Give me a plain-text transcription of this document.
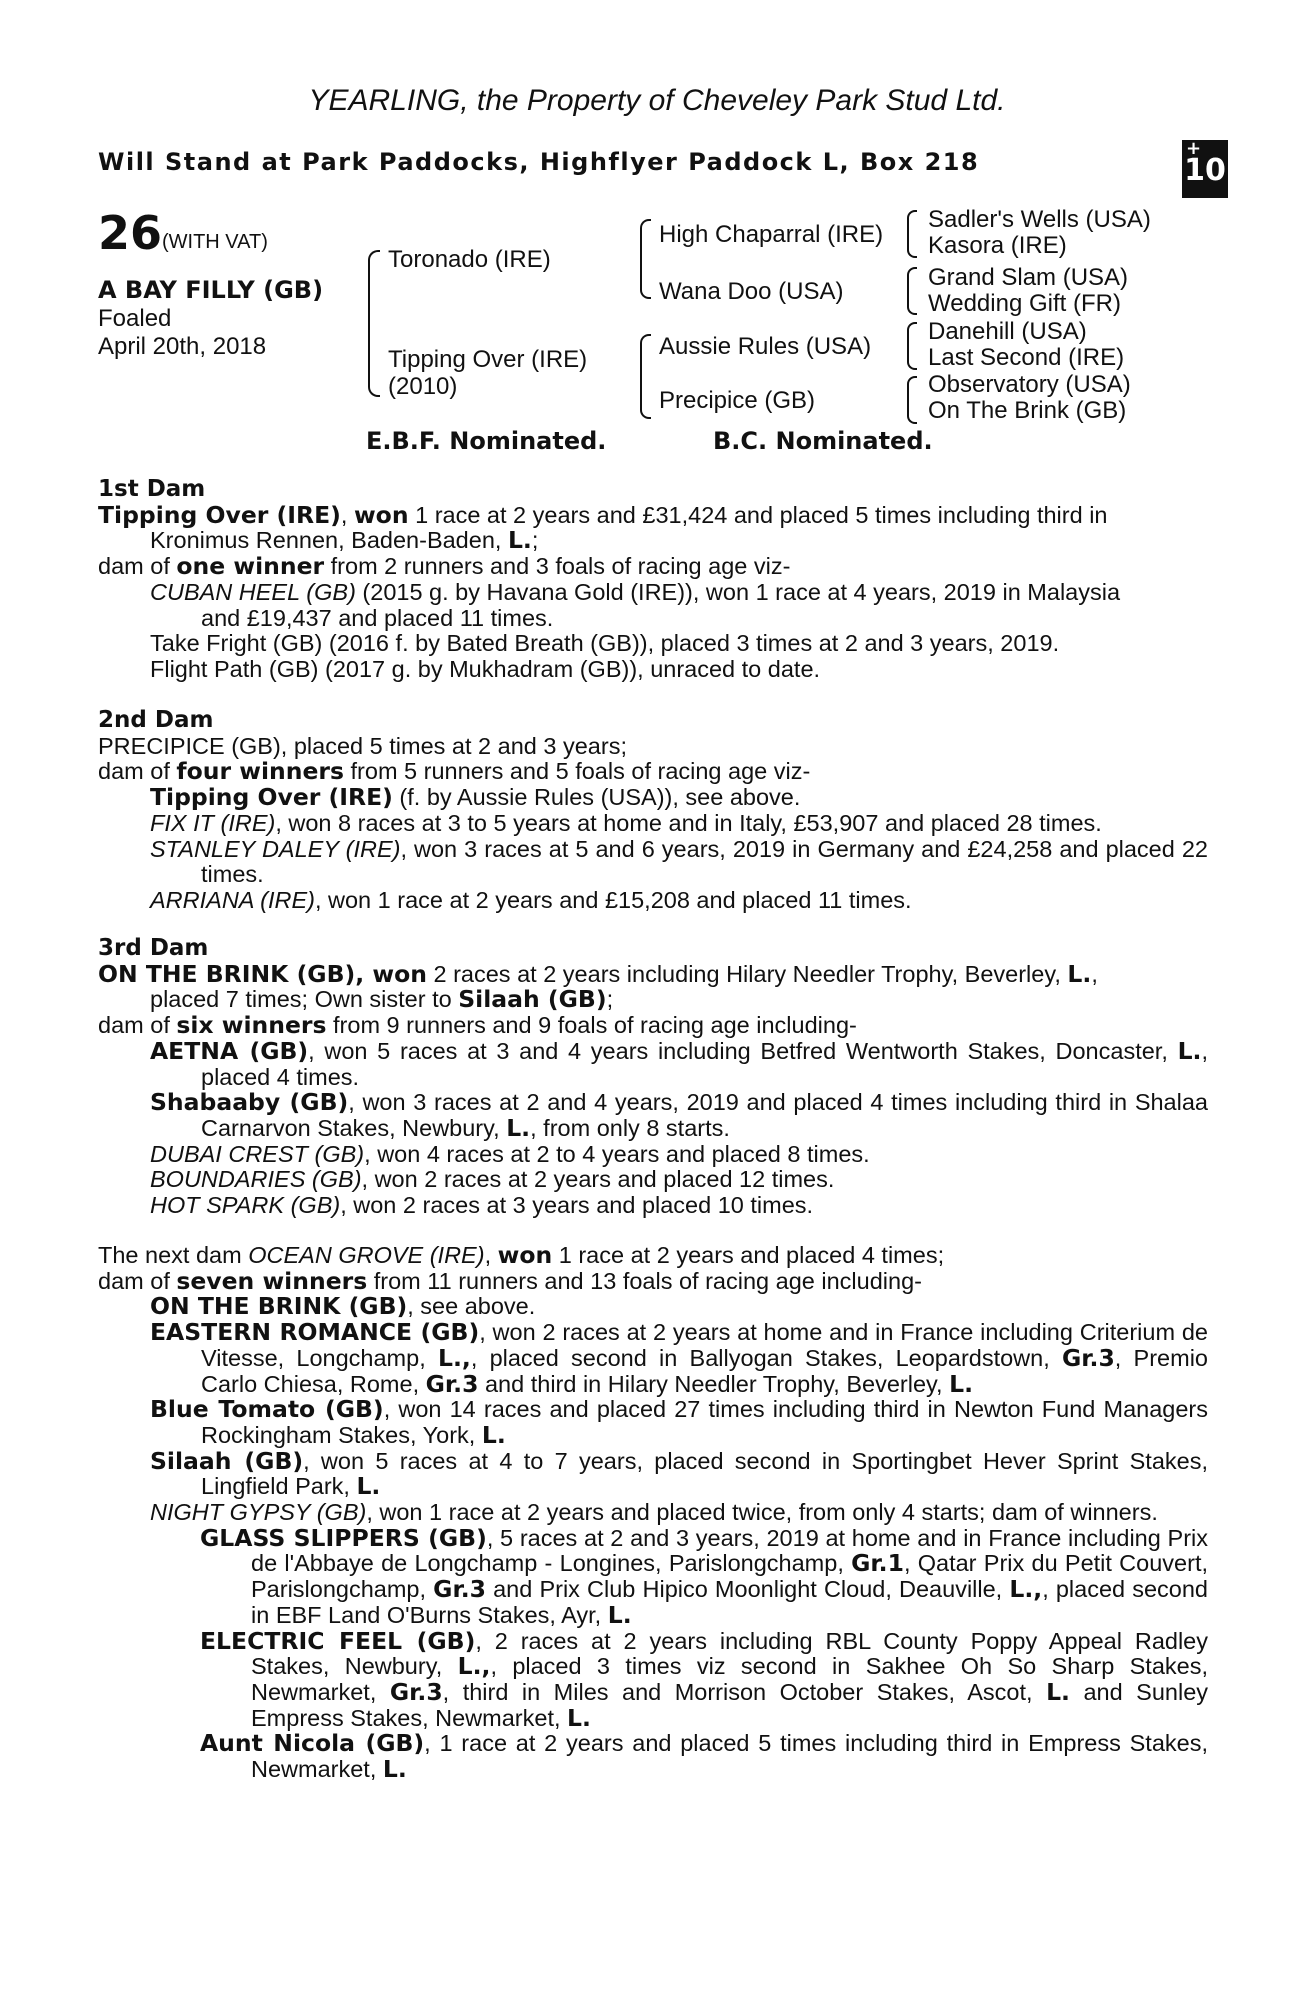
YEARLING, the Property of Cheveley Park Stud Ltd.
Will Stand at Park Paddocks, Highflyer Paddock L, Box 218	+
10
26 (WITH VAT)
A BAY FILLY (GB)
Foaled
April 20th, 2018
Toronado (IRE)
Tipping Over (IRE)
(2010)
High Chaparral (IRE)
Wana Doo (USA)
Aussie Rules (USA)
Precipice (GB)
Sadler's Wells (USA)
Kasora (IRE)
Grand Slam (USA)
Wedding Gift (FR)
Danehill (USA)
Last Second (IRE)
Observatory (USA)
On The Brink (GB)
E.B.F. Nominated.	B.C. Nominated.

1st Dam

Tipping Over (IRE), won 1 race at 2 years and £31,424 and placed 5 times including third in

Kronimus Rennen, Baden-Baden, L.;

dam of one winner from 2 runners and 3 foals of racing age viz-

CUBAN HEEL (GB) (2015 g. by Havana Gold (IRE)), won 1 race at 4 years, 2019 in Malaysia

and £19,437 and placed 11 times.

Take Fright (GB) (2016 f. by Bated Breath (GB)), placed 3 times at 2 and 3 years, 2019.

Flight Path (GB) (2017 g. by Mukhadram (GB)), unraced to date.

2nd Dam

PRECIPICE (GB), placed 5 times at 2 and 3 years;

dam of four winners from 5 runners and 5 foals of racing age viz-

Tipping Over (IRE) (f. by Aussie Rules (USA)), see above.

FIX IT (IRE), won 8 races at 3 to 5 years at home and in Italy, £53,907 and placed 28 times.

STANLEY DALEY (IRE), won 3 races at 5 and 6 years, 2019 in Germany and £24,258 and placed 22 times.

ARRIANA (IRE), won 1 race at 2 years and £15,208 and placed 11 times.

3rd Dam

ON THE BRINK (GB), won 2 races at 2 years including Hilary Needler Trophy, Beverley, L.,

placed 7 times; Own sister to Silaah (GB);

dam of six winners from 9 runners and 9 foals of racing age including-

AETNA (GB), won 5 races at 3 and 4 years including Betfred Wentworth Stakes, Doncaster, L., placed 4 times.

Shabaaby (GB), won 3 races at 2 and 4 years, 2019 and placed 4 times including third in Shalaa Carnarvon Stakes, Newbury, L., from only 8 starts.

DUBAI CREST (GB), won 4 races at 2 to 4 years and placed 8 times.

BOUNDARIES (GB), won 2 races at 2 years and placed 12 times.

HOT SPARK (GB), won 2 races at 3 years and placed 10 times.

The next dam OCEAN GROVE (IRE), won 1 race at 2 years and placed 4 times;

dam of seven winners from 11 runners and 13 foals of racing age including-

ON THE BRINK (GB), see above.

EASTERN ROMANCE (GB), won 2 races at 2 years at home and in France including Criterium de Vitesse, Longchamp, L.,, placed second in Ballyogan Stakes, Leopardstown, Gr.3, Premio Carlo Chiesa, Rome, Gr.3 and third in Hilary Needler Trophy, Beverley, L.

Blue Tomato (GB), won 14 races and placed 27 times including third in Newton Fund Managers Rockingham Stakes, York, L.

Silaah (GB), won 5 races at 4 to 7 years, placed second in Sportingbet Hever Sprint Stakes, Lingfield Park, L.

NIGHT GYPSY (GB), won 1 race at 2 years and placed twice, from only 4 starts; dam of winners.

GLASS SLIPPERS (GB), 5 races at 2 and 3 years, 2019 at home and in France including Prix de l'Abbaye de Longchamp - Longines, Parislongchamp, Gr.1, Qatar Prix du Petit Couvert, Parislongchamp, Gr.3 and Prix Club Hipico Moonlight Cloud, Deauville, L.,, placed second in EBF Land O'Burns Stakes, Ayr, L.

ELECTRIC FEEL (GB), 2 races at 2 years including RBL County Poppy Appeal Radley Stakes, Newbury, L.,, placed 3 times viz second in Sakhee Oh So Sharp Stakes, Newmarket, Gr.3, third in Miles and Morrison October Stakes, Ascot, L. and Sunley Empress Stakes, Newmarket, L.

Aunt Nicola (GB), 1 race at 2 years and placed 5 times including third in Empress Stakes, Newmarket, L.
